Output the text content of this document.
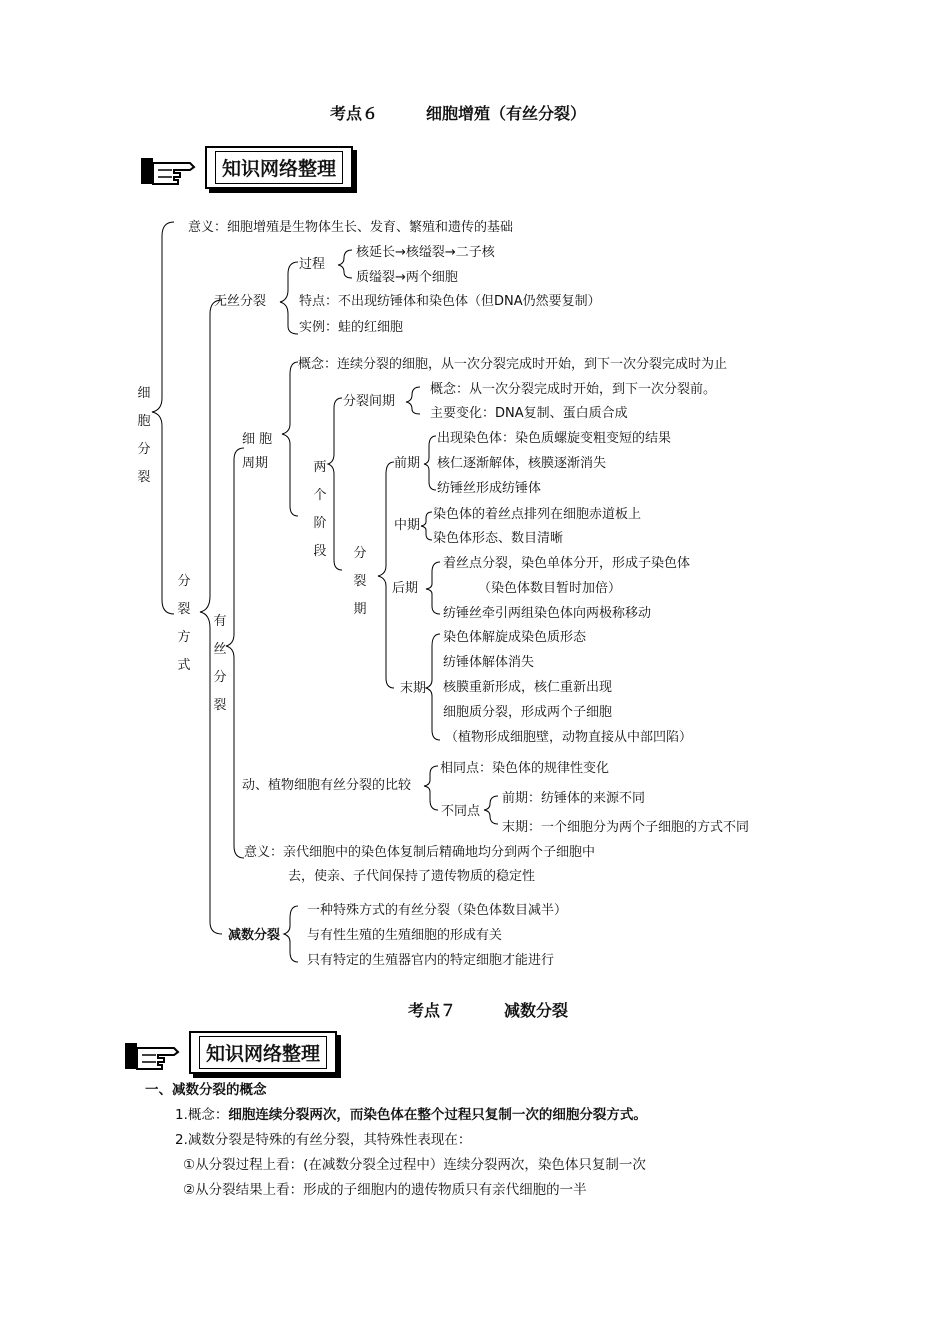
考点６　　　细胞增殖（有丝分裂）
知识网络整理
细胞分裂
意义：细胞增殖是生物体生长、发育、繁殖和遗传的基础
分裂方式
无丝分裂
过程
核延长→核缢裂→二子核
质缢裂→两个细胞
特点：不出现纺锤体和染色体（但DNA仍然要复制）
实例：蛙的红细胞
有丝分裂
细 胞周期
概念：连续分裂的细胞，从一次分裂完成时开始，到下一次分裂完成时为止
两个阶段
分裂间期
概念：从一次分裂完成时开始，到下一次分裂前。
主要变化：DNA复制、蛋白质合成
分裂期
前期
出现染色体：染色质螺旋变粗变短的结果
核仁逐渐解体，核膜逐渐消失
纺锤丝形成纺锤体
中期
染色体的着丝点排列在细胞赤道板上
染色体形态、数目清晰
后期
着丝点分裂，染色单体分开，形成子染色体
（染色体数目暂时加倍）
纺锤丝牵引两组染色体向两极称移动
末期
染色体解旋成染色质形态
纺锤体解体消失
核膜重新形成，核仁重新出现
细胞质分裂，形成两个子细胞
（植物形成细胞壁，动物直接从中部凹陷）
动、植物细胞有丝分裂的比较
相同点：染色体的规律性变化
不同点
前期：纺锤体的来源不同
末期：一个细胞分为两个子细胞的方式不同
意义：亲代细胞中的染色体复制后精确地均分到两个子细胞中
去，使亲、子代间保持了遗传物质的稳定性
减数分裂
一种特殊方式的有丝分裂（染色体数目减半）
与有性生殖的生殖细胞的形成有关
只有特定的生殖器官内的特定细胞才能进行
考点７　　　减数分裂
知识网络整理
一、减数分裂的概念
1.概念：细胞连续分裂两次，而染色体在整个过程只复制一次的细胞分裂方式。
2.减数分裂是特殊的有丝分裂，其特殊性表现在：
①从分裂过程上看：(在减数分裂全过程中）连续分裂两次，染色体只复制一次
②从分裂结果上看：形成的子细胞内的遗传物质只有亲代细胞的一半
